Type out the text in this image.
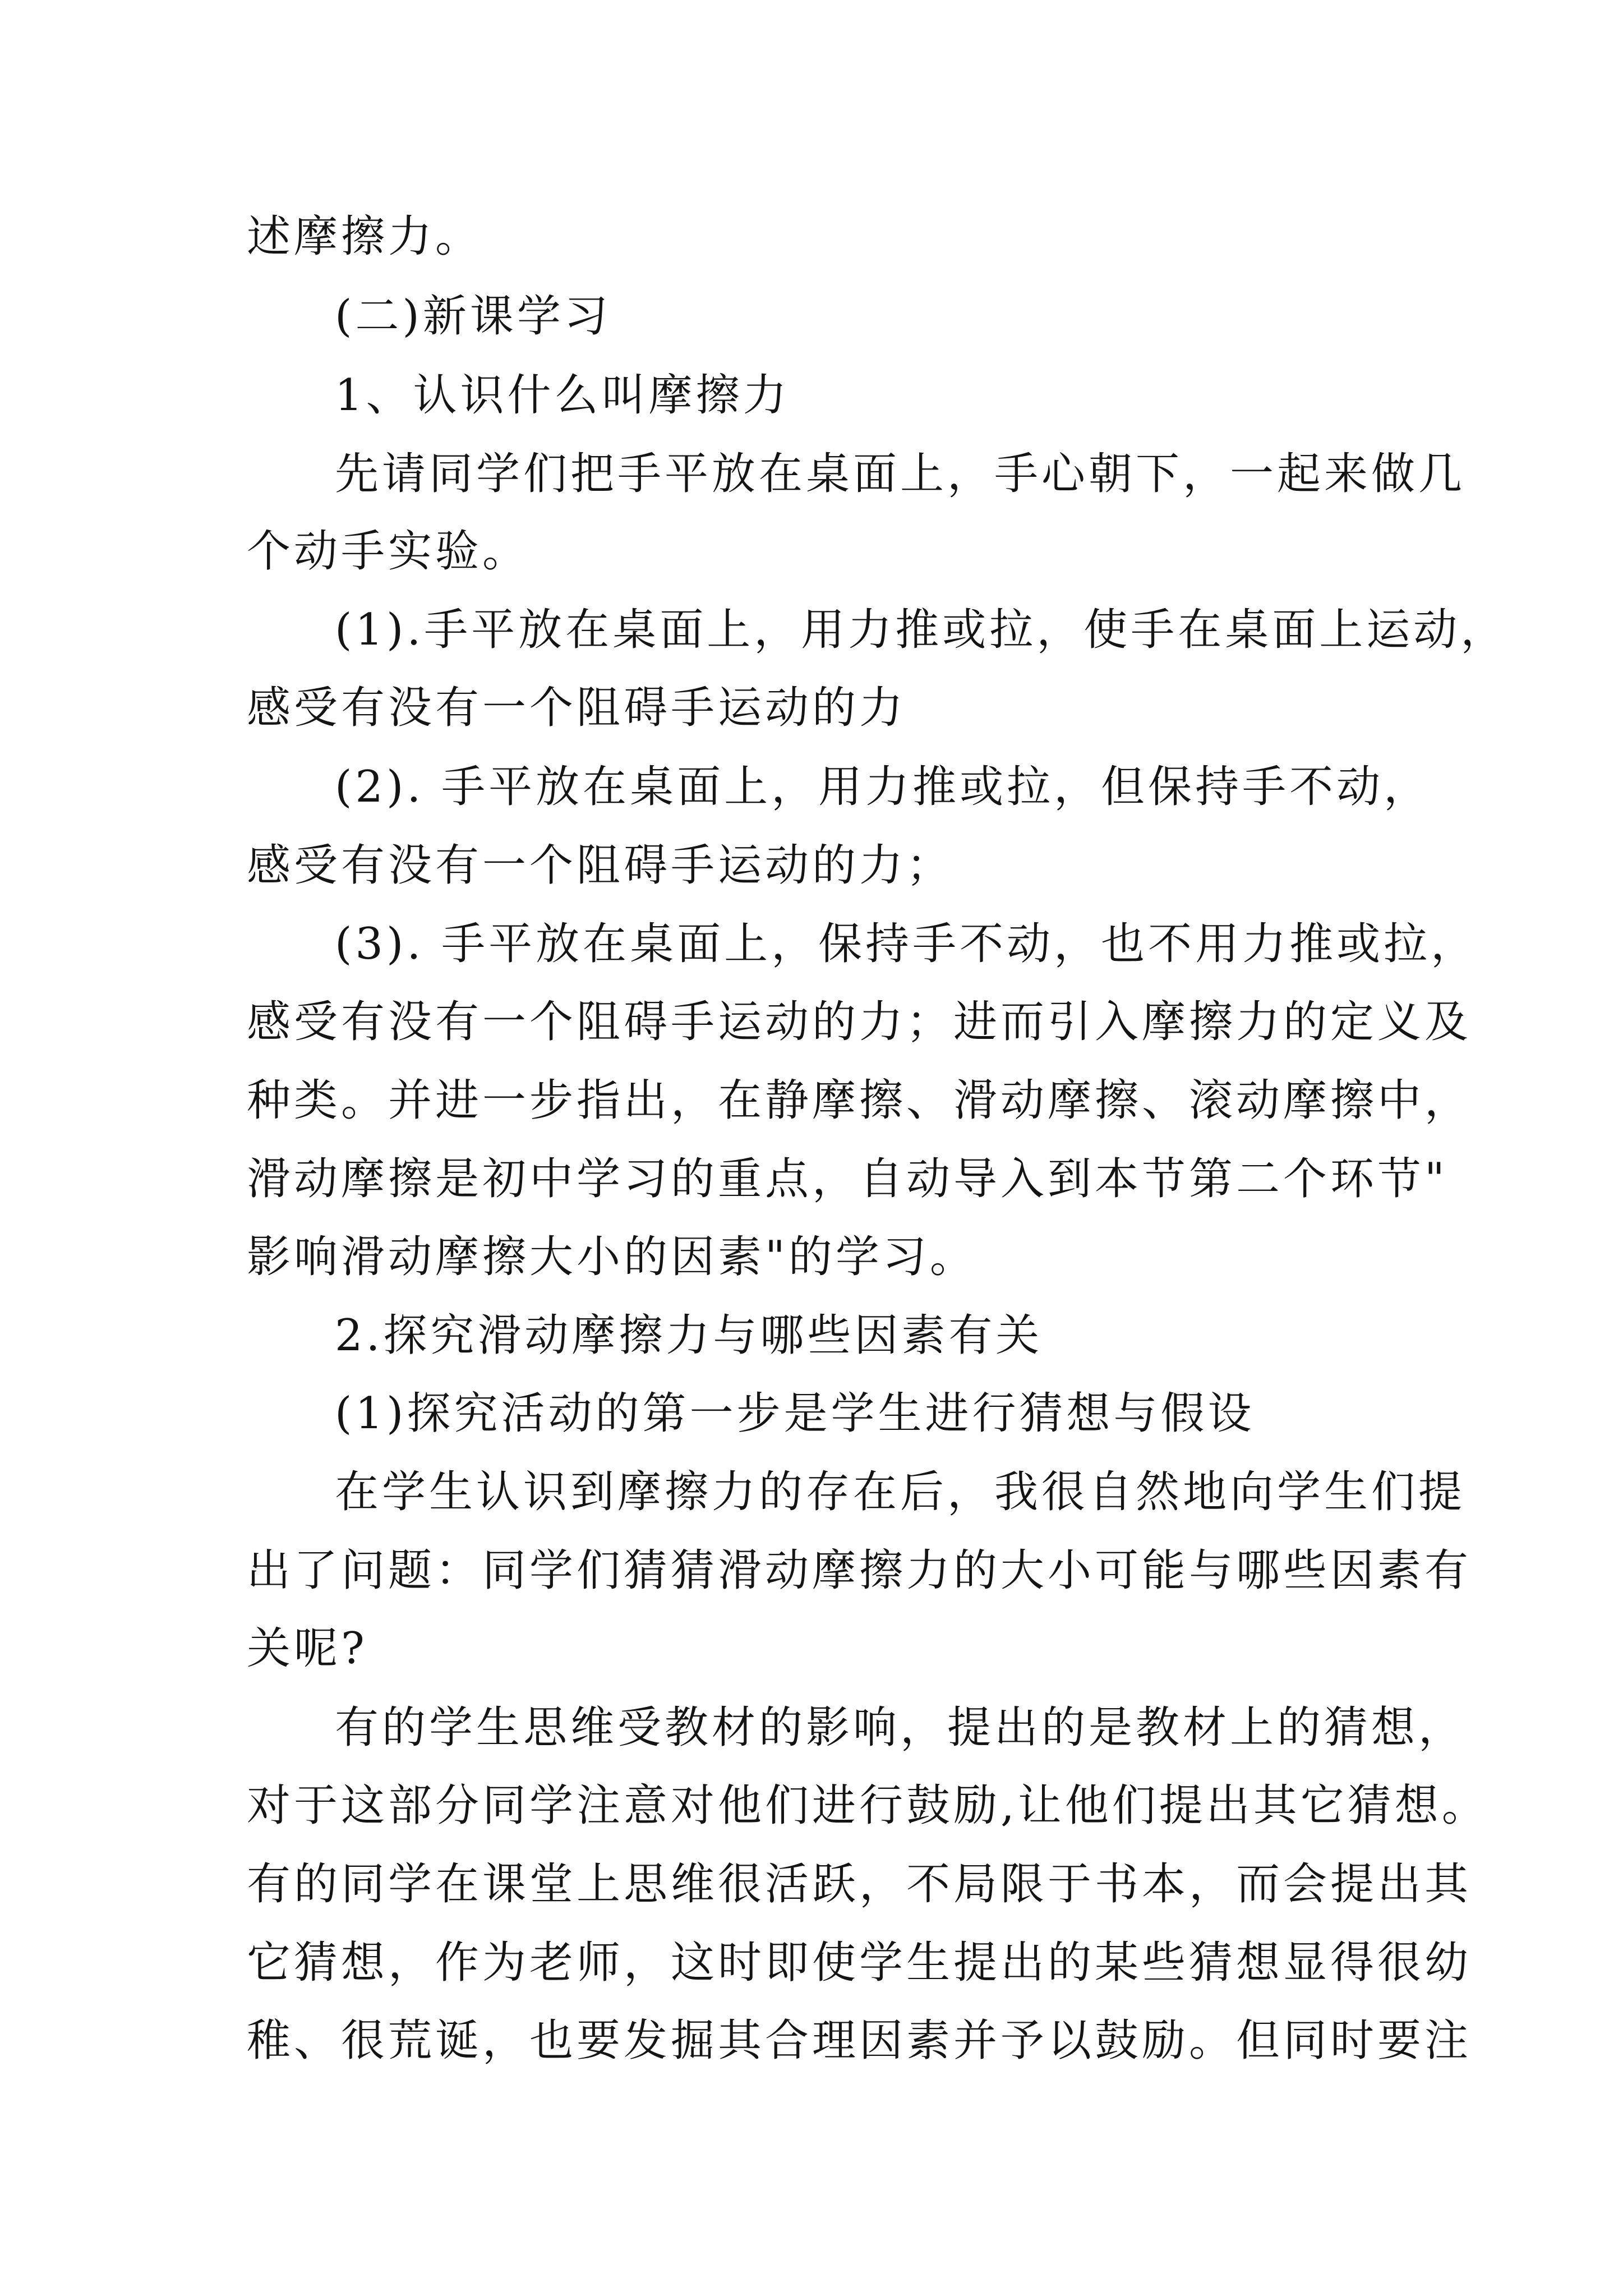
述摩擦力。

(二)新课学习

1、认识什么叫摩擦力

先请同学们把手平放在桌面上，手心朝下，一起来做几

个动手实验。

(1).手平放在桌面上，用力推或拉，使手在桌面上运动，

感受有没有一个阻碍手运动的力

(2). 手平放在桌面上，用力推或拉，但保持手不动，

感受有没有一个阻碍手运动的力；

(3). 手平放在桌面上，保持手不动，也不用力推或拉，

感受有没有一个阻碍手运动的力；进而引入摩擦力的定义及

种类。并进一步指出，在静摩擦、滑动摩擦、滚动摩擦中，

滑动摩擦是初中学习的重点，自动导入到本节第二个环节"

影响滑动摩擦大小的因素"的学习。

2.探究滑动摩擦力与哪些因素有关

(1)探究活动的第一步是学生进行猜想与假设

在学生认识到摩擦力的存在后，我很自然地向学生们提

出了问题：同学们猜猜滑动摩擦力的大小可能与哪些因素有

关呢?

有的学生思维受教材的影响，提出的是教材上的猜想，

对于这部分同学注意对他们进行鼓励,让他们提出其它猜想。

有的同学在课堂上思维很活跃，不局限于书本，而会提出其

它猜想，作为老师，这时即使学生提出的某些猜想显得很幼

稚、很荒诞，也要发掘其合理因素并予以鼓励。但同时要注
